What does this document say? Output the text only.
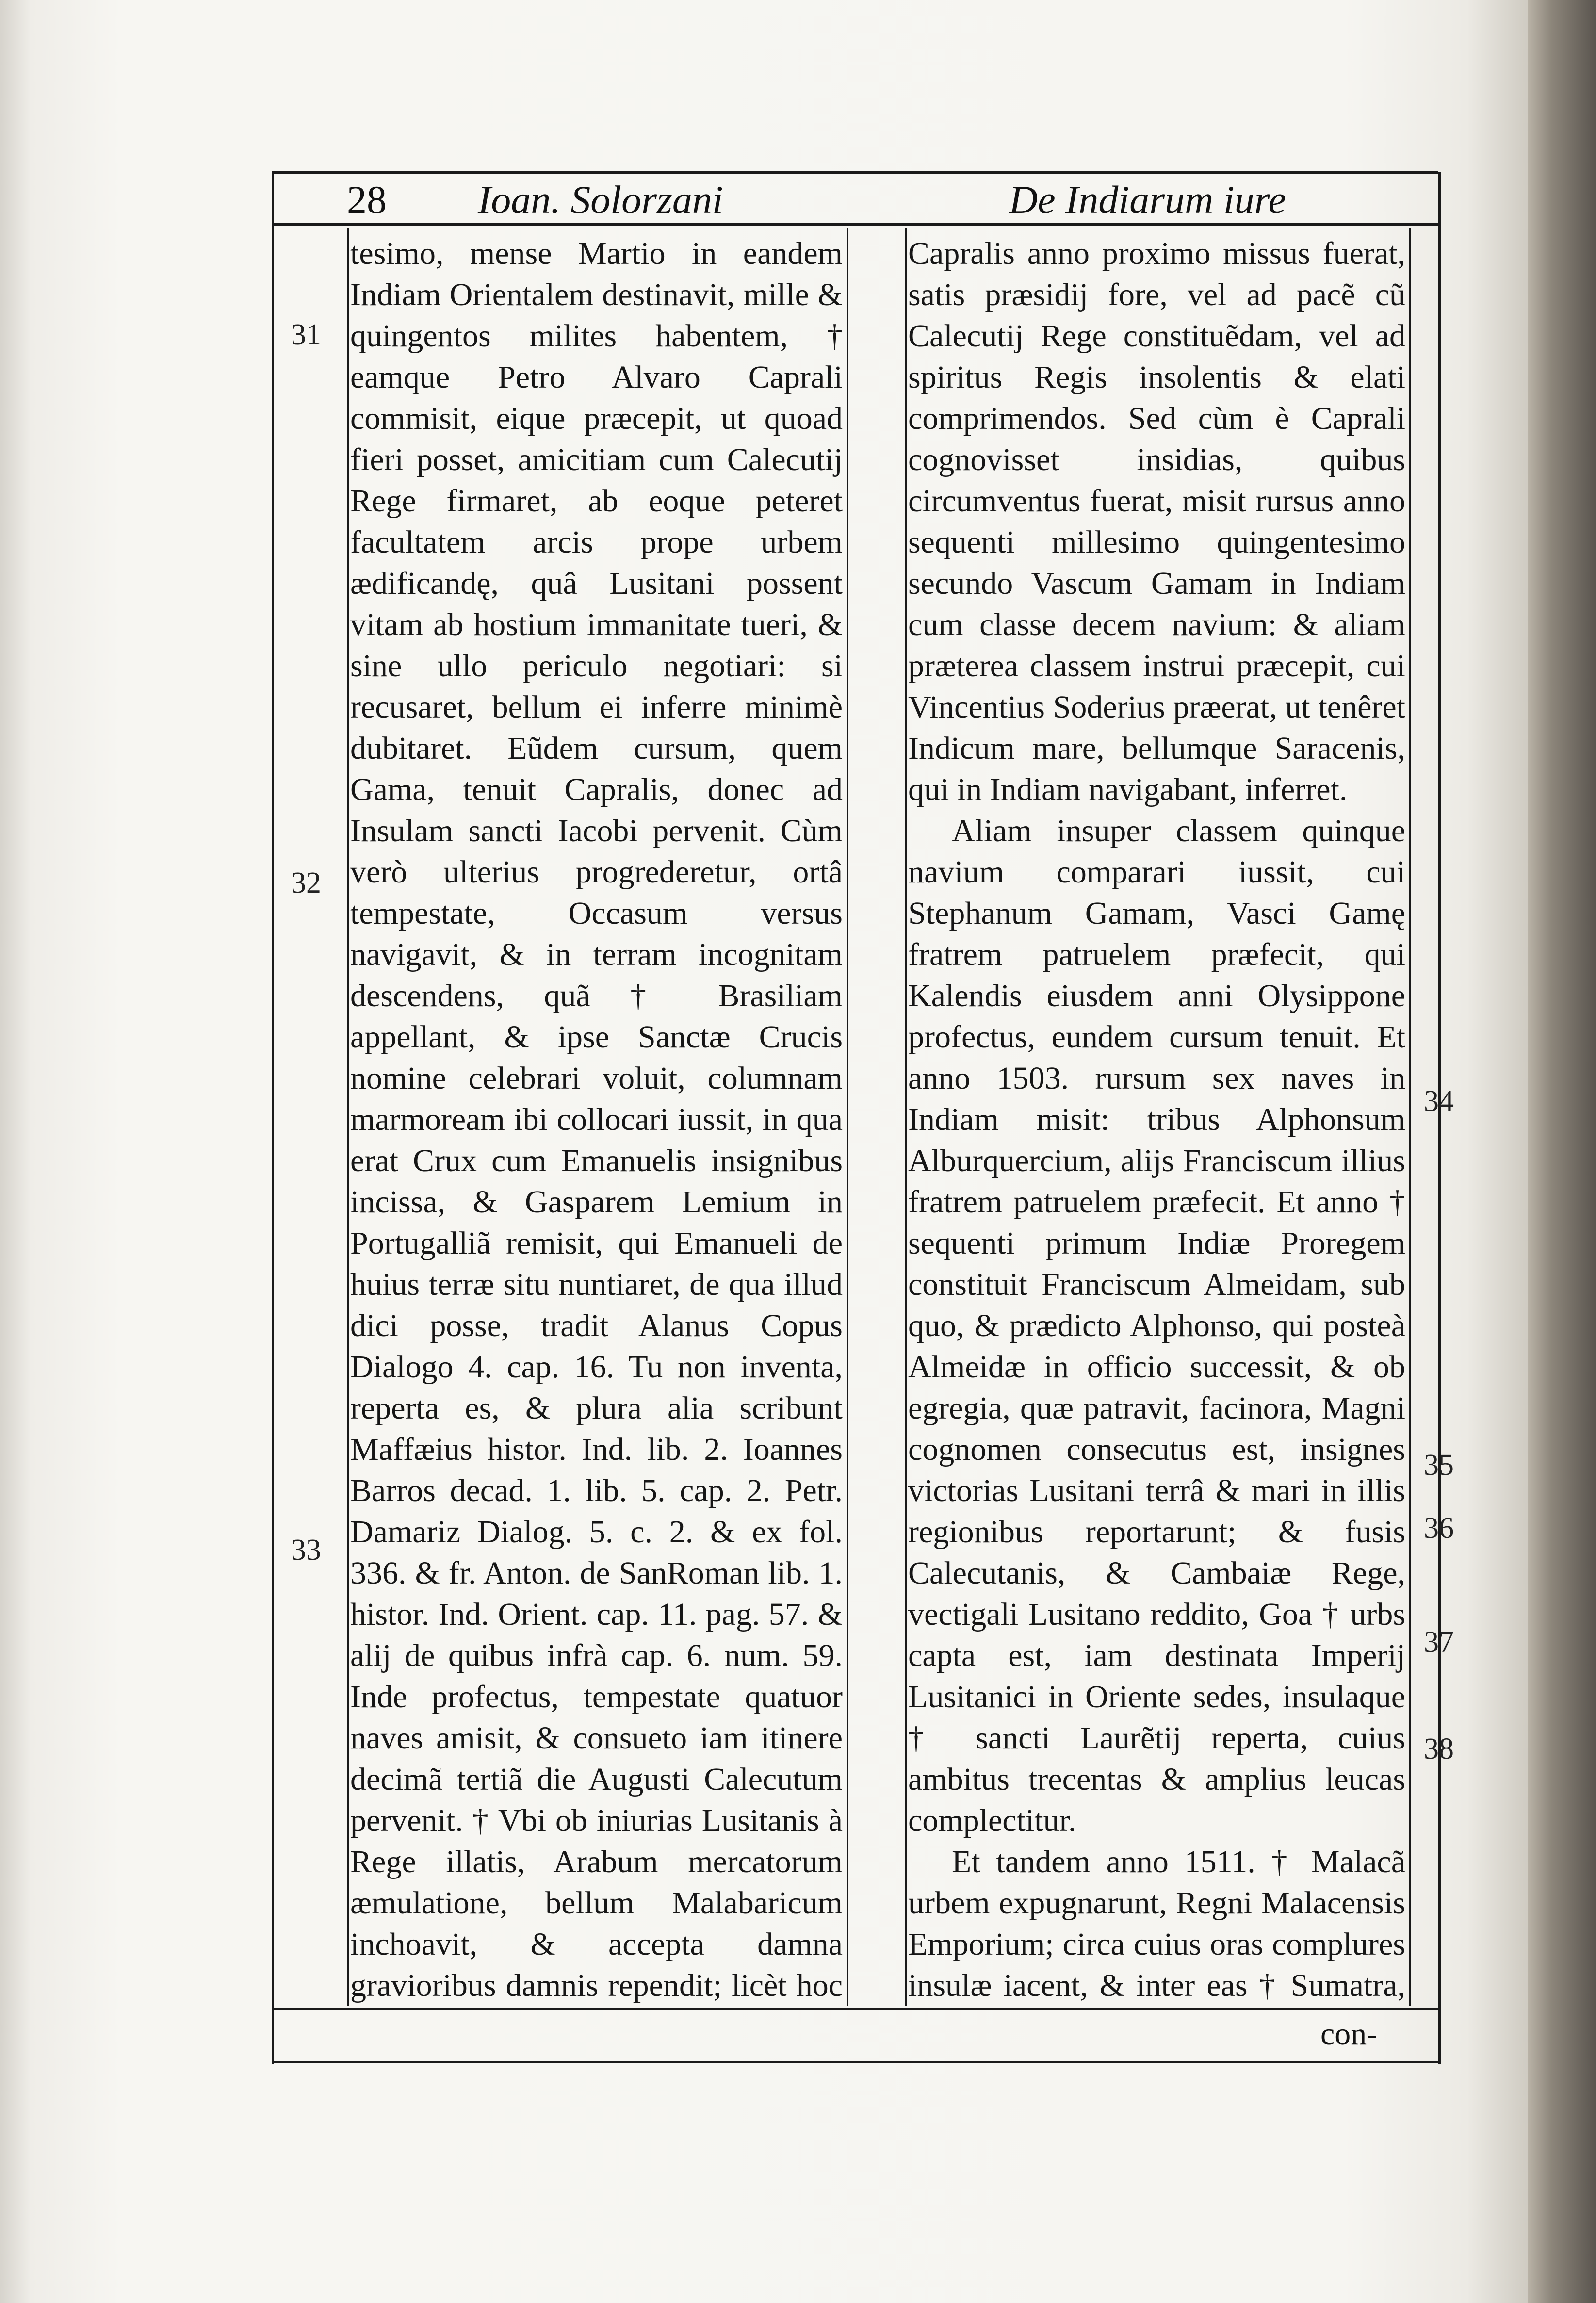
28 Ioan. Solorzani	De Indiarum iure

tesimo, mense Martio in eandem Indiam Orientalem destinavit, mille & quingentos milites habentem, † eamque Petro Alvaro Caprali commisit, eique præcepit, ut quoad fieri posset, amicitiam cum Calecutij Rege firmaret, ab eoque peteret facultatem arcis prope urbem ædificandę, quâ Lusitani possent vitam ab hostium immanitate tueri, & sine ullo periculo negotiari: si recusaret, bellum ei inferre minimè dubitaret. Eũdem cursum, quem Gama, tenuit Capralis, donec ad Insulam sancti Iacobi pervenit. Cùm verò ulterius progrederetur, ortâ tempestate, Occasum versus navigavit, & in terram incognitam descendens, quã † Brasiliam appellant, & ipse Sanctæ Crucis nomine celebrari voluit, columnam marmoream ibi collocari iussit, in qua erat Crux cum Emanuelis insignibus incissa, & Gasparem Lemium in Portugalliã remisit, qui Emanueli de huius terræ situ nuntiaret, de qua illud dici posse, tradit Alanus Copus Dialogo 4. cap. 16. Tu non inventa, reperta es, & plura alia scribunt Maffæius histor. Ind. lib. 2. Ioannes Barros decad. 1. lib. 5. cap. 2. Petr. Damariz Dialog. 5. c. 2. & ex fol. 336. & fr. Anton. de SanRoman lib. 1. histor. Ind. Orient. cap. 11. pag. 57. & alij de quibus infrà cap. 6. num. 59. Inde profectus, tempestate quatuor naves amisit, & consueto iam itinere decimã tertiã die Augusti Calecutum pervenit. † Vbi ob iniurias Lusitanis à Rege illatis, Arabum mercatorum æmulatione, bellum Malabaricum inchoavit, & accepta damna gravioribus damnis rependit; licèt hoc

Capralis anno proximo missus fuerat, satis præsidij fore, vel ad pacẽ cũ Calecutij Rege constituẽdam, vel ad spiritus Regis insolentis & elati comprimendos. Sed cùm è Caprali cognovisset insidias, quibus circumventus fuerat, misit rursus anno sequenti millesimo quingentesimo secundo Vascum Gamam in Indiam cum classe decem navium: & aliam præterea classem instrui præcepit, cui Vincentius Soderius præerat, ut tenêret Indicum mare, bellumque Saracenis, qui in Indiam navigabant, inferret.

Aliam insuper classem quinque navium comparari iussit, cui Stephanum Gamam, Vasci Gamę fratrem patruelem præfecit, qui Kalendis eiusdem anni Olysippone profectus, eundem cursum tenuit. Et anno 1503. rursum sex naves in Indiam misit: tribus Alphonsum Alburquercium, alijs Franciscum illius fratrem patruelem præfecit. Et anno † sequenti primum Indiæ Proregem constituit Franciscum Almeidam, sub quo, & prædicto Alphonso, qui posteà Almeidæ in officio successit, & ob egregia, quæ patravit, facinora, Magni cognomen consecutus est, insignes victorias Lusitani terrâ & mari in illis regionibus reportarunt; & fusis Calecutanis, & Cambaiæ Rege, vectigali Lusitano reddito, Goa † urbs capta est, iam destinata Imperij Lusitanici in Oriente sedes, insulaque † sancti Laurẽtij reperta, cuius ambitus trecentas & amplius leucas complectitur.

Et tandem anno 1511. † Malacã urbem expugnarunt, Regni Malacensis Emporium; circa cuius oras complures insulæ iacent, & inter eas † Sumatra,

31
32
33
34
35
36
37
38
con-
